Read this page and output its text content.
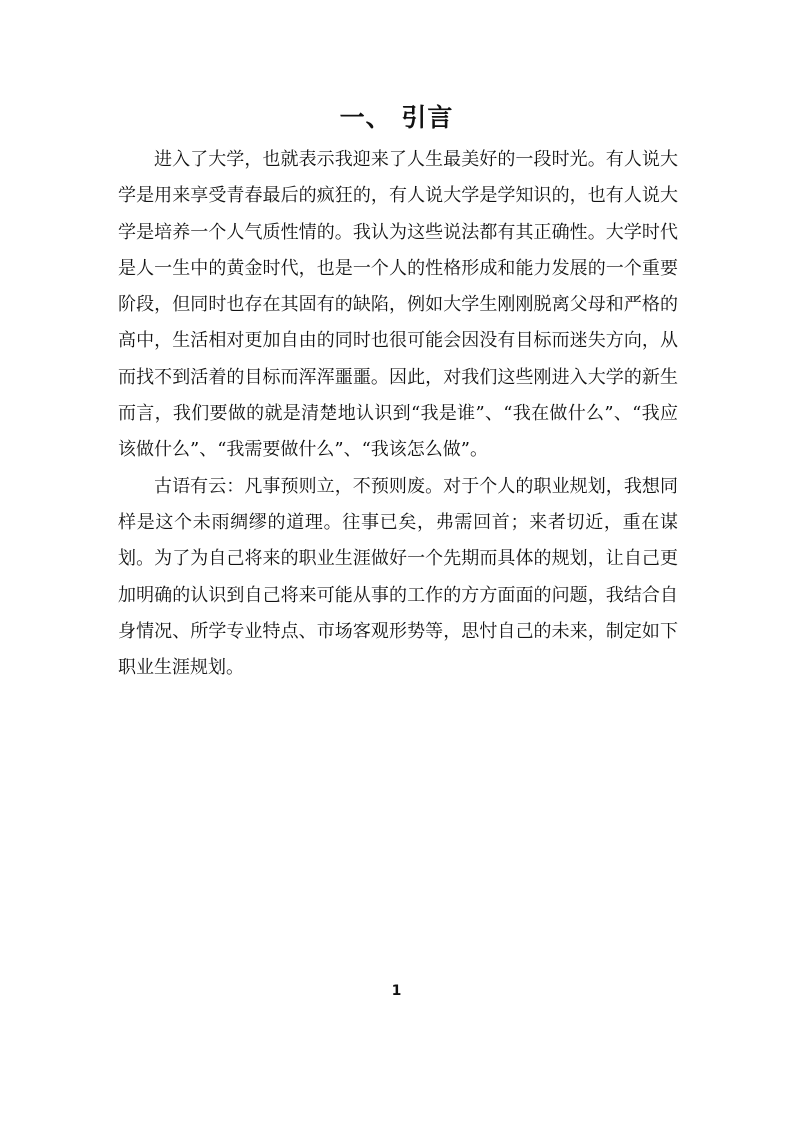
一、 引言

进入了大学，也就表示我迎来了人生最美好的一段时光。有人说大学是用来享受青春最后的疯狂的，有人说大学是学知识的，也有人说大学是培养一个人气质性情的。我认为这些说法都有其正确性。大学时代是人一生中的黄金时代，也是一个人的性格形成和能力发展的一个重要阶段，但同时也存在其固有的缺陷，例如大学生刚刚脱离父母和严格的高中，生活相对更加自由的同时也很可能会因没有目标而迷失方向，从而找不到活着的目标而浑浑噩噩。因此，对我们这些刚进入大学的新生而言，我们要做的就是清楚地认识到“我是谁”、“我在做什么”、“我应该做什么”、“我需要做什么”、“我该怎么做”。

古语有云：凡事预则立，不预则废。对于个人的职业规划，我想同样是这个未雨绸缪的道理。往事已矣，弗需回首；来者切近，重在谋划。为了为自己将来的职业生涯做好一个先期而具体的规划，让自己更加明确的认识到自己将来可能从事的工作的方方面面的问题，我结合自身情况、所学专业特点、市场客观形势等，思忖自己的未来，制定如下职业生涯规划。

1
